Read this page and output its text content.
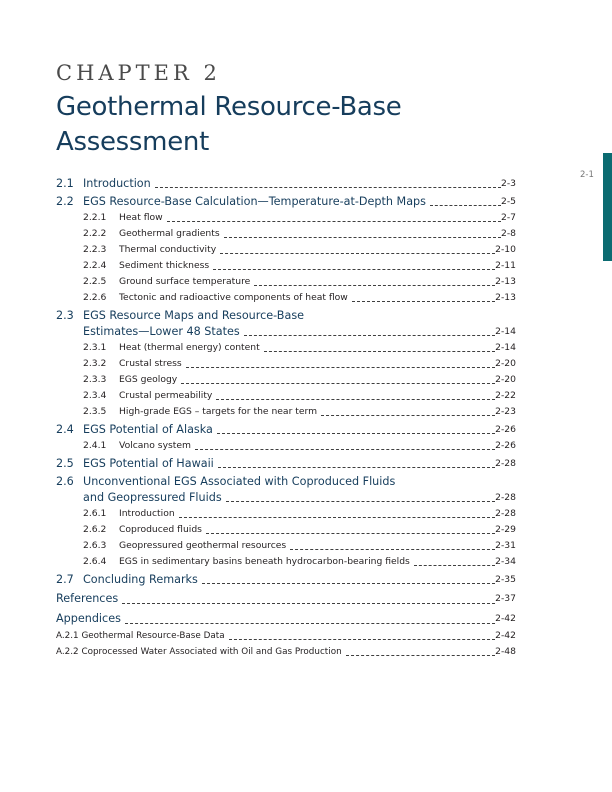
CHAPTER 2
Geothermal Resource-Base Assessment
2-1
2.1 Introduction	2-3
2.2 EGS Resource-Base Calculation—Temperature-at-Depth Maps	2-5
2.2.1	Heat flow	2-7
2.2.2	Geothermal gradients	2-8
2.2.3	Thermal conductivity	2-10
2.2.4	Sediment thickness	2-11
2.2.5	Ground surface temperature	2-13
2.2.6	Tectonic and radioactive components of heat flow	2-13
2.3 EGS Resource Maps and Resource-Base
Estimates—Lower 48 States	2-14
2.3.1	Heat (thermal energy) content	2-14
2.3.2	Crustal stress	2-20
2.3.3	EGS geology	2-20
2.3.4	Crustal permeability	2-22
2.3.5	High-grade EGS – targets for the near term	2-23
2.4 EGS Potential of Alaska	2-26
2.4.1	Volcano system	2-26
2.5 EGS Potential of Hawaii	2-28
2.6 Unconventional EGS Associated with Coproduced Fluids
and Geopressured Fluids	2-28
2.6.1	Introduction	2-28
2.6.2	Coproduced fluids	2-29
2.6.3	Geopressured geothermal resources	2-31
2.6.4	EGS in sedimentary basins beneath hydrocarbon-bearing fields	2-34
2.7 Concluding Remarks	2-35
References	2-37
Appendices	2-42
A.2.1 Geothermal Resource-Base Data	2-42
A.2.2 Coprocessed Water Associated with Oil and Gas Production	2-48
